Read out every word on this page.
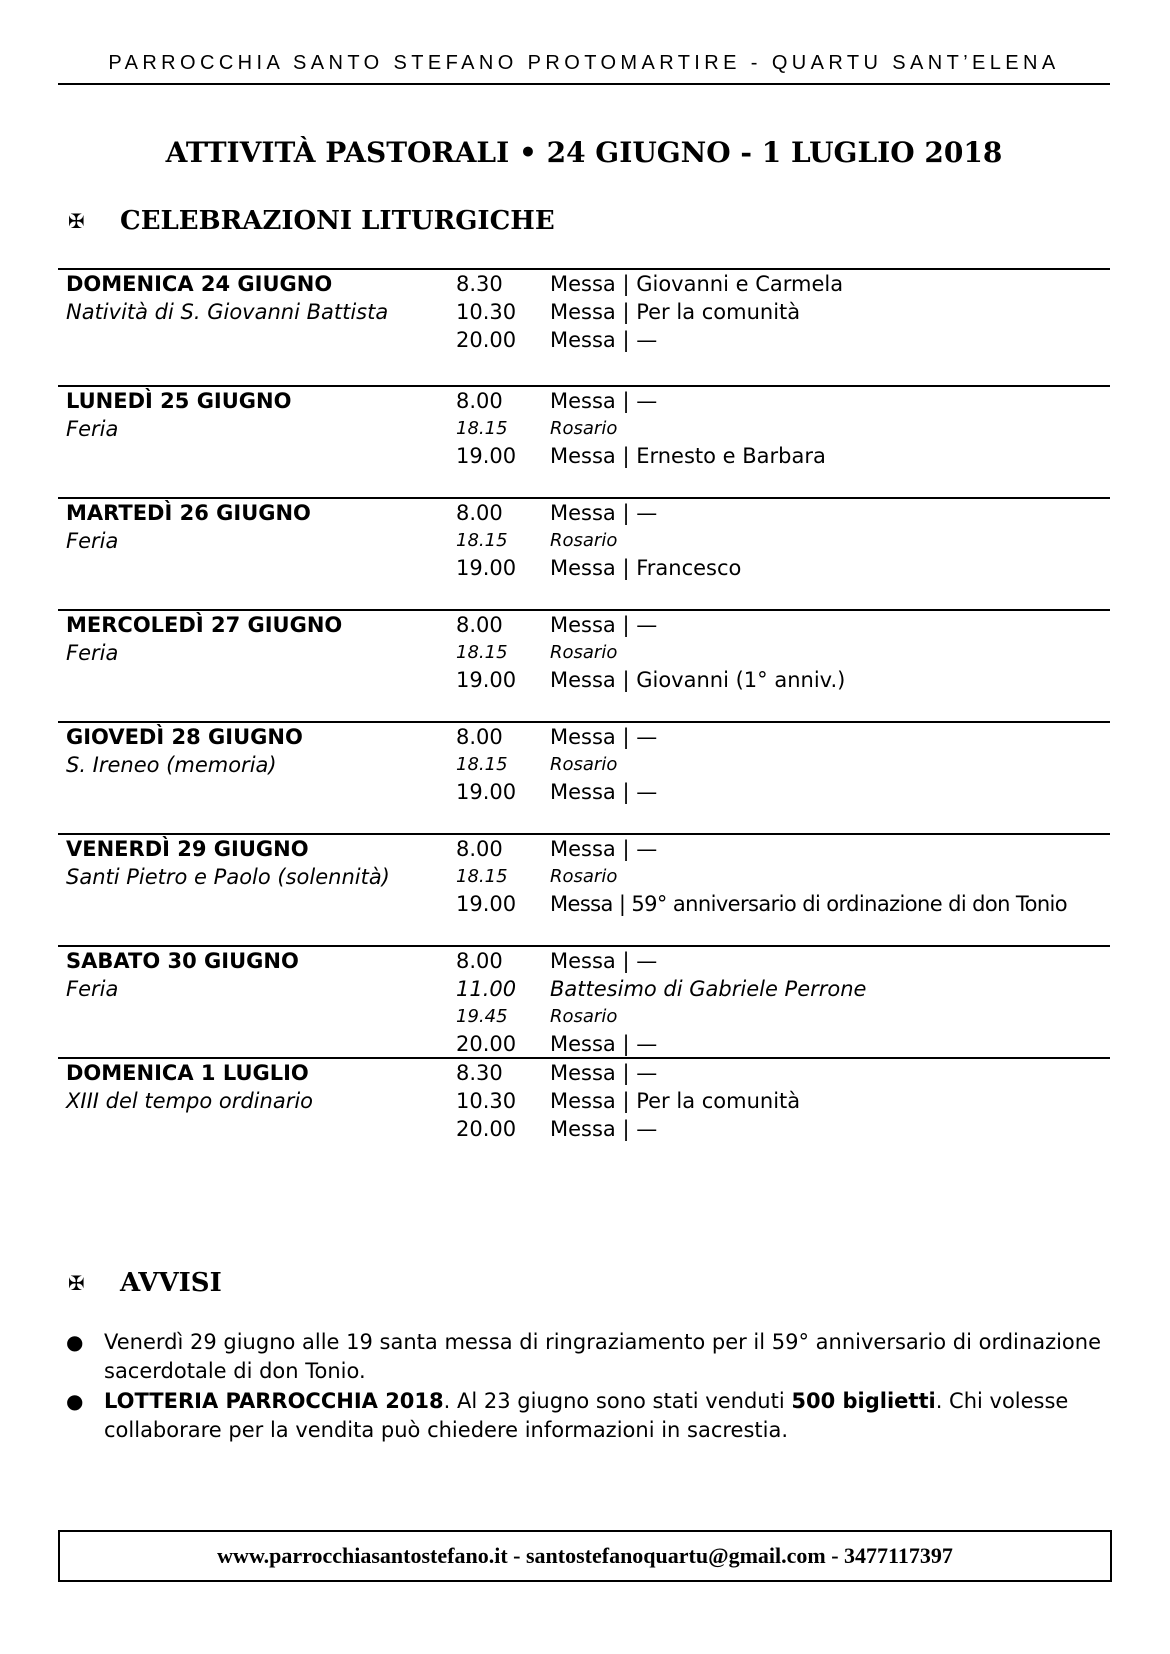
PARROCCHIA SANTO STEFANO PROTOMARTIRE - QUARTU SANT’ELENA
ATTIVITÀ PASTORALI • 24 GIUGNO - 1 LUGLIO 2018
✠ CELEBRAZIONI LITURGICHE
DOMENICA 24 GIUGNO
Natività di S. Giovanni Battista
8.30	Messa | Giovanni e Carmela
10.30	Messa | Per la comunità
20.00	Messa | —
LUNEDÌ 25 GIUGNO
Feria
8.00	Messa | —
18.15	Rosario
19.00	Messa | Ernesto e Barbara
MARTEDÌ 26 GIUGNO
Feria
8.00	Messa | —
18.15	Rosario
19.00	Messa | Francesco
MERCOLEDÌ 27 GIUGNO
Feria
8.00	Messa | —
18.15	Rosario
19.00	Messa | Giovanni (1° anniv.)
GIOVEDÌ 28 GIUGNO
S. Ireneo (memoria)
8.00	Messa | —
18.15	Rosario
19.00	Messa | —
VENERDÌ 29 GIUGNO
Santi Pietro e Paolo (solennità)
8.00	Messa | —
18.15	Rosario
19.00	Messa | 59° anniversario di ordinazione di don Tonio
SABATO 30 GIUGNO
Feria
8.00	Messa | —
11.00	Battesimo di Gabriele Perrone
19.45	Rosario
20.00	Messa | —
DOMENICA 1 LUGLIO
XIII del tempo ordinario
8.30	Messa | —
10.30	Messa | Per la comunità
20.00	Messa | —
✠ AVVISI
● Venerdì 29 giugno alle 19 santa messa di ringraziamento per il 59° anniversario di ordinazione sacerdotale di don Tonio.
● LOTTERIA PARROCCHIA 2018. Al 23 giugno sono stati venduti 500 biglietti. Chi volesse collaborare per la vendita può chiedere informazioni in sacrestia.
www.parrocchiasantostefano.it - santostefanoquartu@gmail.com - 3477117397
